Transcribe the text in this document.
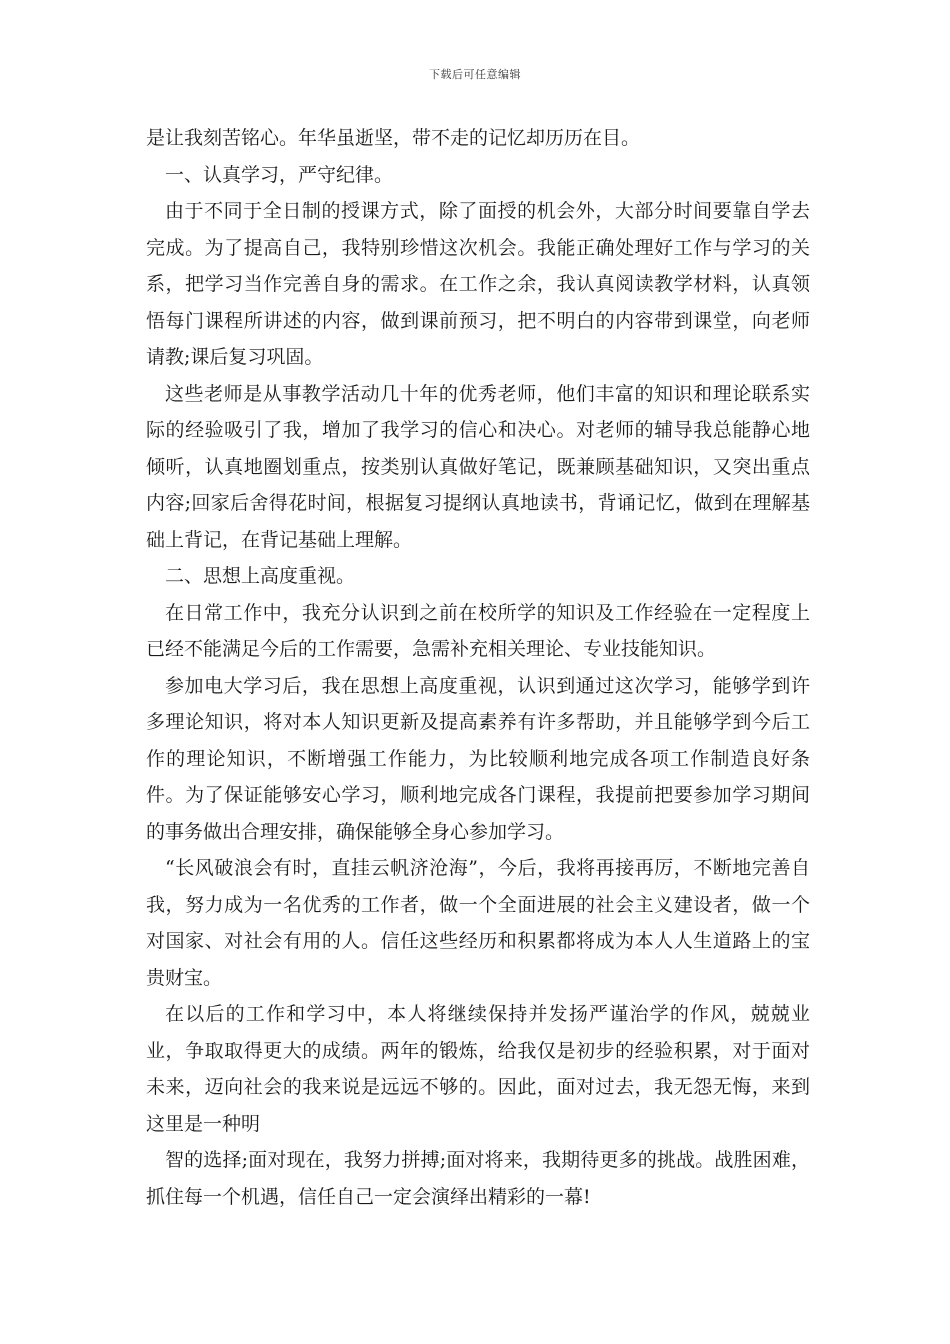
下载后可任意编辑

是让我刻苦铭心。年华虽逝坚，带不走的记忆却历历在目。

一、认真学习，严守纪律。

由于不同于全日制的授课方式，除了面授的机会外，大部分时间要靠自学去完成。为了提高自己，我特别珍惜这次机会。我能正确处理好工作与学习的关系，把学习当作完善自身的需求。在工作之余，我认真阅读教学材料，认真领悟每门课程所讲述的内容，做到课前预习，把不明白的内容带到课堂，向老师请教;课后复习巩固。

这些老师是从事教学活动几十年的优秀老师，他们丰富的知识和理论联系实际的经验吸引了我，增加了我学习的信心和决心。对老师的辅导我总能静心地倾听，认真地圈划重点，按类别认真做好笔记，既兼顾基础知识，又突出重点内容;回家后舍得花时间，根据复习提纲认真地读书，背诵记忆，做到在理解基础上背记，在背记基础上理解。

二、思想上高度重视。

在日常工作中，我充分认识到之前在校所学的知识及工作经验在一定程度上已经不能满足今后的工作需要，急需补充相关理论、专业技能知识。

参加电大学习后，我在思想上高度重视，认识到通过这次学习，能够学到许多理论知识，将对本人知识更新及提高素养有许多帮助，并且能够学到今后工作的理论知识，不断增强工作能力，为比较顺利地完成各项工作制造良好条件。为了保证能够安心学习，顺利地完成各门课程，我提前把要参加学习期间的事务做出合理安排，确保能够全身心参加学习。

“长风破浪会有时，直挂云帆济沧海”，今后，我将再接再厉，不断地完善自我，努力成为一名优秀的工作者，做一个全面进展的社会主义建设者，做一个对国家、对社会有用的人。信任这些经历和积累都将成为本人人生道路上的宝贵财宝。

在以后的工作和学习中，本人将继续保持并发扬严谨治学的作风，兢兢业业，争取取得更大的成绩。两年的锻炼，给我仅是初步的经验积累，对于面对未来，迈向社会的我来说是远远不够的。因此，面对过去，我无怨无悔，来到这里是一种明

智的选择;面对现在，我努力拼搏;面对将来，我期待更多的挑战。战胜困难，抓住每一个机遇，信任自己一定会演绎出精彩的一幕!
